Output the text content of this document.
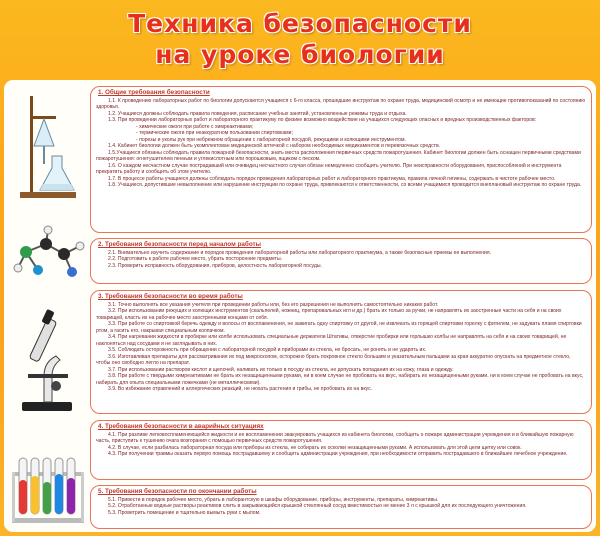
Техника безопасности
на уроке биологии
1. Общие требования безопасности

1.1. К проведению лабораторных работ по биологии допускаются учащиеся с 6-го класса, прошедшие инструктаж по охране труда, медицинский осмотр и не имеющие противопоказаний по состоянию здоровья.

1.2. Учащиеся должны соблюдать правила поведения, расписание учебных занятий, установленные режимы труда и отдыха.

1.3. При проведении лабораторных работ и лабораторного практикуму по физике возможно воздействие на учащихся следующих опасных и вредных производственных факторов:

- химические ожоги при работе с химреактивами;

- термические ожоги при неаккуратном пользовании спиртовками;

- порезы и уколы рук при небрежном обращении с лабораторной посудой, режущими и колющими инструментом.

1.4. Кабинет биологии должен быть укомплектован медицинской аптечкой с набором необходимых медикаментов и перевязочных средств.

1.5.Учащиеся обязаны соблюдать правила пожарной безопасности, знать места расположения первичных средств пожаротушения. Кабинет биологии должен быть оснащен первичными средствами пожаротушения: огнетушителем пенным и углекислотным или порошковым, ящиком с песком.

1.6. О каждом несчастном случае пострадавший или очевидец несчастного случая обязан немедленно сообщить учителю. При неисправности оборудования, приспособлений и инструмента прекратить работу и сообщить об этом учителю.

1.7. В процессе работы учащиеся должны соблюдать порядок проведения лабораторных работ и лабораторного практикума, правила личной гигиены, содержать в чистоте рабочее место.

1.8. Учащиеся, допустившие невыполнение или нарушение инструкции по охране труда, привлекаются к ответственности, со всеми учащимися проводится внеплановый инструктаж по охране труда.

2. Требования безопасности перед началом работы

2.1. Внимательно изучить содержание и порядок проведения лабораторной работы или лабораторного практикума, а также безопасные приемы ее выполнения.

2.2. Подготовить к работе рабочее место, убрать посторонние предметы.

2.3. Проверить исправность оборудования, приборов, целостность лабораторной посуды.

3. Требования безопасности во время работы

3.1. Точно выполнять все указания учителя при проведении работы или, без его разрешения не выполнять самостоятельно никаких работ.

3.2. При использовании режущих и колющих инструментов (скальпелей, ножниц, препаровальных игл и др.) брать их только за ручки, не направлять их заостренные части на себя и на своих товарищей, класть их на рабочее место заостренными концами от себя.

3.3. При работе со спиртовкой беречь одежду и волосы от воспламенения, не зажигать одну спиртовку от другой, не извлекать из горящей спиртовки горелку с фитилем, не задувать пламя спиртовки ртом, а гасить его, накрывая специальным колпачком.

3.4. При нагревании жидкости в пробирке или колбе использовать специальные держатели Штативы, отверстие пробирки или горлышко колбы не направлять на себя и на своих товарищей, не наклоняться над сосудами и не заглядывать в них.

3.5. Соблюдать осторожность при обращении с лабораторной посудой и приборами из стекла, не бросать, не ронять и не ударять их.

3.6. Изготавливая препараты для рассматривания их под микроскопом, осторожно брать покровное стекло большим и указательным пальцами за края аккуратно опускать на предметное стекло, чтобы оно свободно легло на препарат.

3.7. При использовании растворов кислот и щелочей, наливать их только в посуду из стекла, не допускать попадания их на кожу, глаза и одежду.

3.8. При работе с твердыми химреактивами не брать их незащищенными руками, ни в коем случае не пробовать на вкус, набирать их незащищенными руками, ни в коем случае не пробовать на вкус, набирать для опыта специальными ложечками (не металлическими).

3.9. Во избежание отравлений и аллергических реакций, не нюхать растения и грибы, не пробовать их на вкус.

4. Требования безопасности в аварийных ситуациях

4.1. При разливе легковоспламеняющейся жидкости и ее воспламенении эвакуировать учащихся из кабинета биологии, сообщить о пожаре администрации учреждения и в ближайшую пожарную часть, приступить к тушению очага возгорания с помощью первичных средств пожаротушения.

4.2. В случае, если разбилась лабораторная посуда или приборы из стекла, не собирать их осколки незащищенными руками. А использовать для этой цели щетку или совок.

4.3. При получении травмы оказать первую помощь пострадавшему и сообщить администрации учреждения, при необходимости отправить пострадавшего в ближайшее лечебное учреждение.

5. Требования безопасности по окончании работы

5.1. Привести в порядок рабочее место, убрать в лаборантскую в шкафы оборудование, приборы, инструменты, препараты, химреактивы.

5.2. Отработанные водные растворы реактивов слить в закрывающийся крышкой стеклянный сосуд вместимостью не менее 3 л с крышкой для их последующего уничтожения.

5.3. Проветрить помещение и тщательно вымыть руки с мылом.
